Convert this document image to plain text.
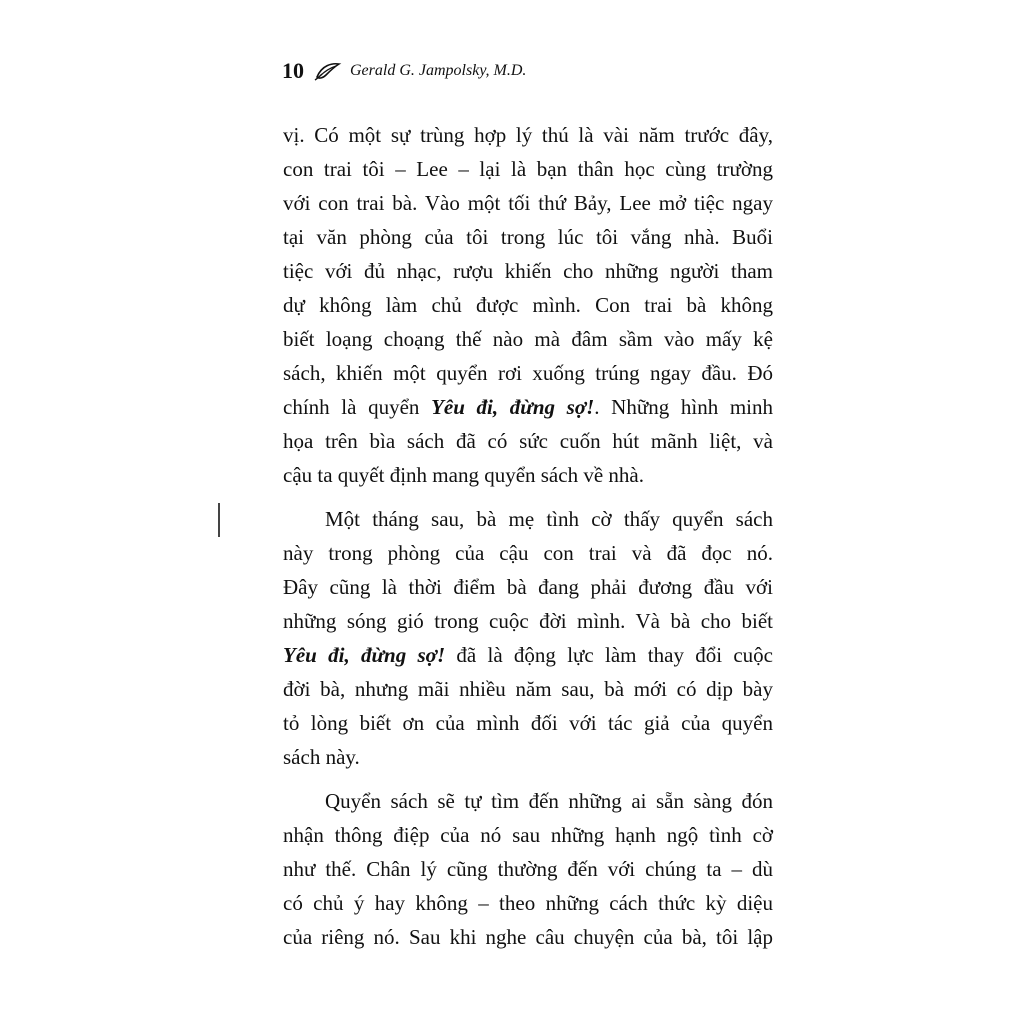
10	Gerald G. Jampolsky, M.D.
vị. Có một sự trùng hợp lý thú là vài năm trước đây,
con trai tôi – Lee – lại là bạn thân học cùng trường
với con trai bà. Vào một tối thứ Bảy, Lee mở tiệc ngay
tại văn phòng của tôi trong lúc tôi vắng nhà. Buổi
tiệc với đủ nhạc, rượu khiến cho những người tham
dự không làm chủ được mình. Con trai bà không
biết loạng choạng thế nào mà đâm sầm vào mấy kệ
sách, khiến một quyển rơi xuống trúng ngay đầu. Đó
chính là quyển Yêu đi, đừng sợ!. Những hình minh
họa trên bìa sách đã có sức cuốn hút mãnh liệt, và
cậu ta quyết định mang quyển sách về nhà.
Một tháng sau, bà mẹ tình cờ thấy quyển sách
này trong phòng của cậu con trai và đã đọc nó.
Đây cũng là thời điểm bà đang phải đương đầu với
những sóng gió trong cuộc đời mình. Và bà cho biết
Yêu đi, đừng sợ! đã là động lực làm thay đổi cuộc
đời bà, nhưng mãi nhiều năm sau, bà mới có dịp bày
tỏ lòng biết ơn của mình đối với tác giả của quyển
sách này.
Quyển sách sẽ tự tìm đến những ai sẵn sàng đón
nhận thông điệp của nó sau những hạnh ngộ tình cờ
như thế. Chân lý cũng thường đến với chúng ta – dù
có chủ ý hay không – theo những cách thức kỳ diệu
của riêng nó. Sau khi nghe câu chuyện của bà, tôi lập
